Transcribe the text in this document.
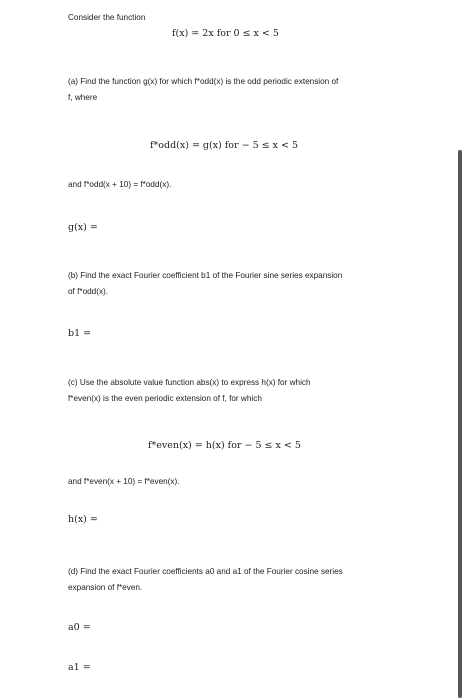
Consider the function
f(x) = 2x for 0 ≤ x < 5
(a) Find the function g(x) for which f*odd(x) is the odd periodic extension of
f, where
f*odd(x) = g(x) for − 5 ≤ x < 5
and f*odd(x + 10) = f*odd(x).
g(x) =
(b) Find the exact Fourier coefficient b1 of the Fourier sine series expansion
of f*odd(x).
b1 =
(c) Use the absolute value function abs(x) to express h(x) for which
f*even(x) is the even periodic extension of f, for which
f*even(x) = h(x) for − 5 ≤ x < 5
and f*even(x + 10) = f*even(x).
h(x) =
(d) Find the exact Fourier coefficients a0 and a1 of the Fourier cosine series
expansion of f*even.
a0 =
a1 =
